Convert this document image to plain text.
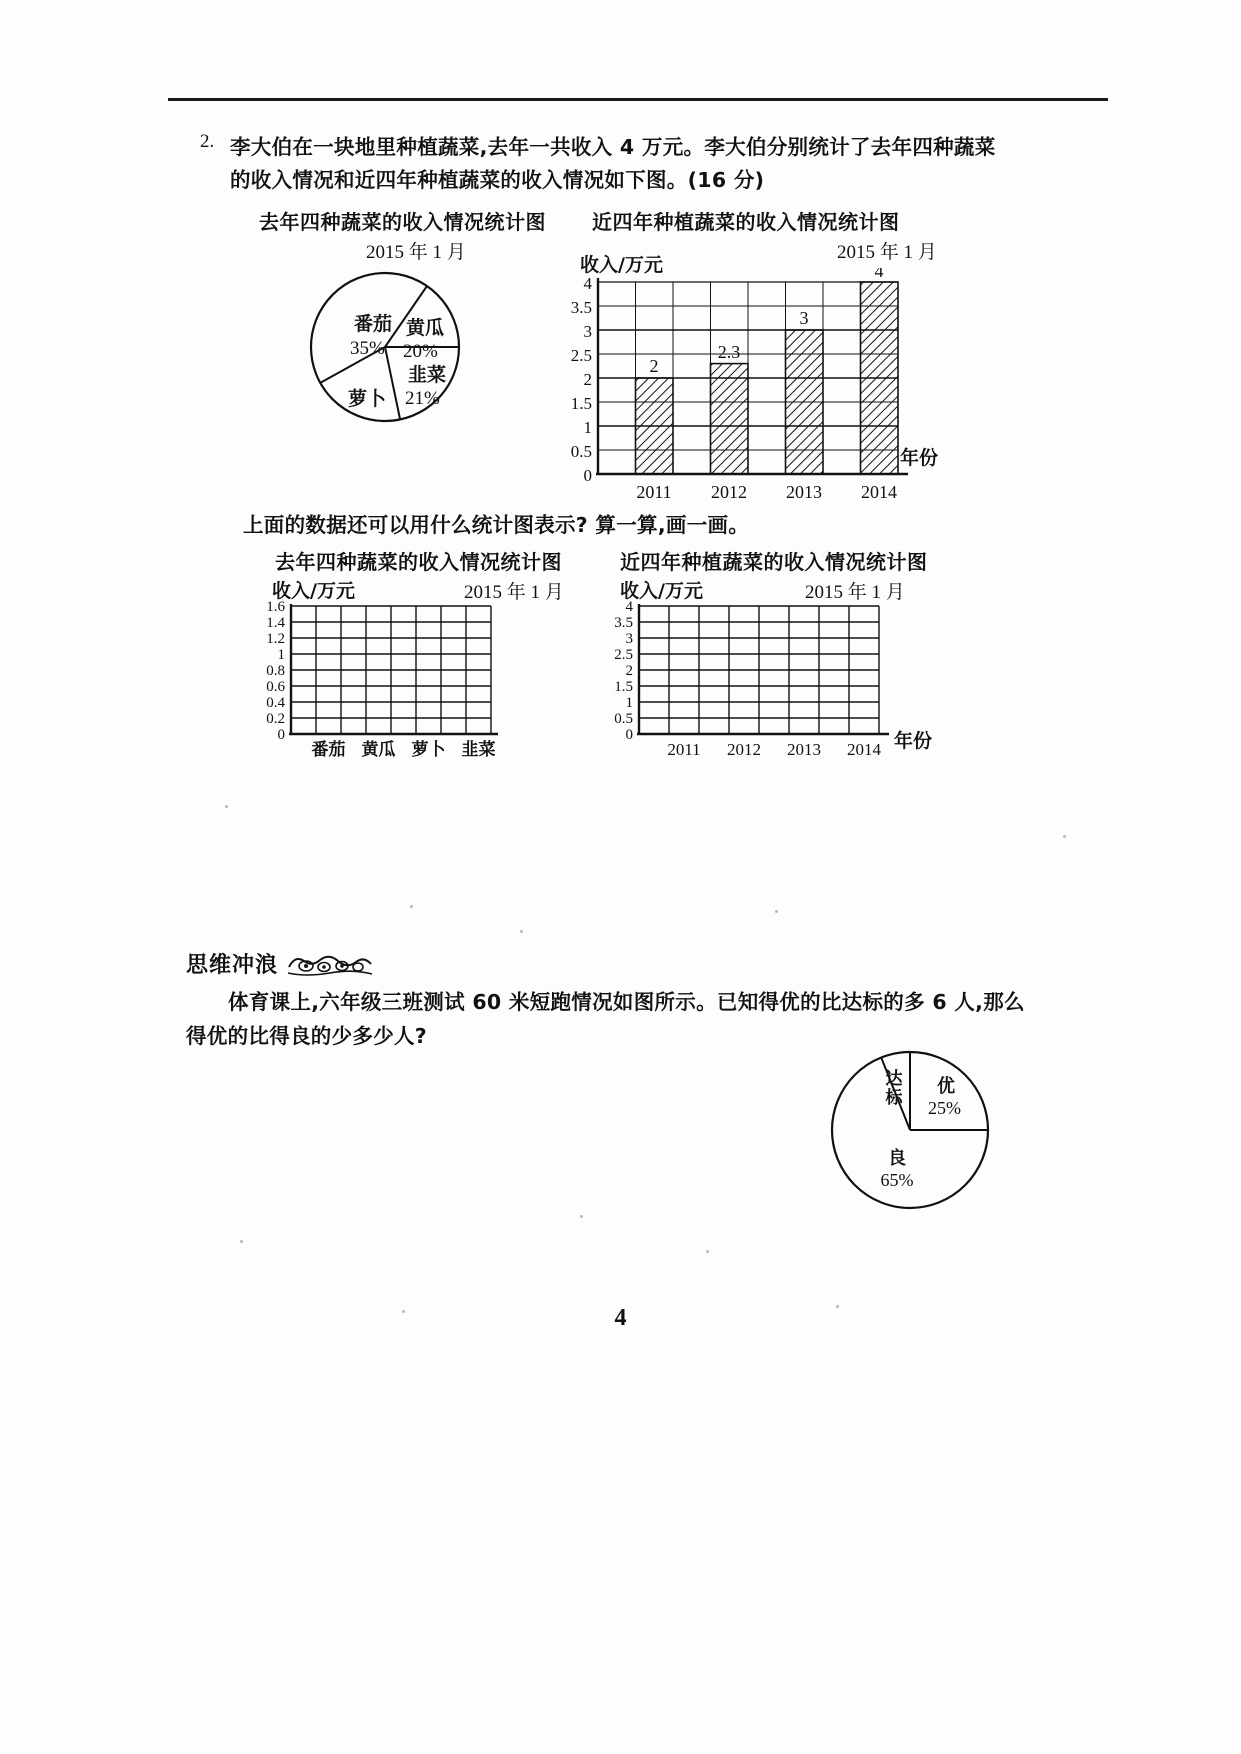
2. 李大伯在一块地里种植蔬菜,去年一共收入 4 万元。李大伯分别统计了去年四种蔬菜
的收入情况和近四年种植蔬菜的收入情况如下图。(16 分)
去年四种蔬菜的收入情况统计图 近四年种植蔬菜的收入情况统计图
2015 年 1 月	2015 年 1 月
收入/万元
年份
番茄
35%
黄瓜
20%
韭菜
21%
萝卜
4
3.5
3
2.5
2
1.5
1
0.5
0
2
2.3
3
4
2011 2012 2013 2014
上面的数据还可以用什么统计图表示? 算一算,画一画。
去年四种蔬菜的收入情况统计图	近四年种植蔬菜的收入情况统计图
2015 年 1 月	2015 年 1 月
收入/万元	收入/万元
年份
1.6
1.4
1.2
1
0.8
0.6
0.4
0.2
0
番茄 黄瓜 萝卜 韭菜
4
3.5
3
2.5
2
1.5
1
0.5
0
2011 2012 2013 2014
思维冲浪
体育课上,六年级三班测试 60 米短跑情况如图所示。已知得优的比达标的多 6 人,那么
得优的比得良的少多少人?
达
标
优
25%
良
65%
4
